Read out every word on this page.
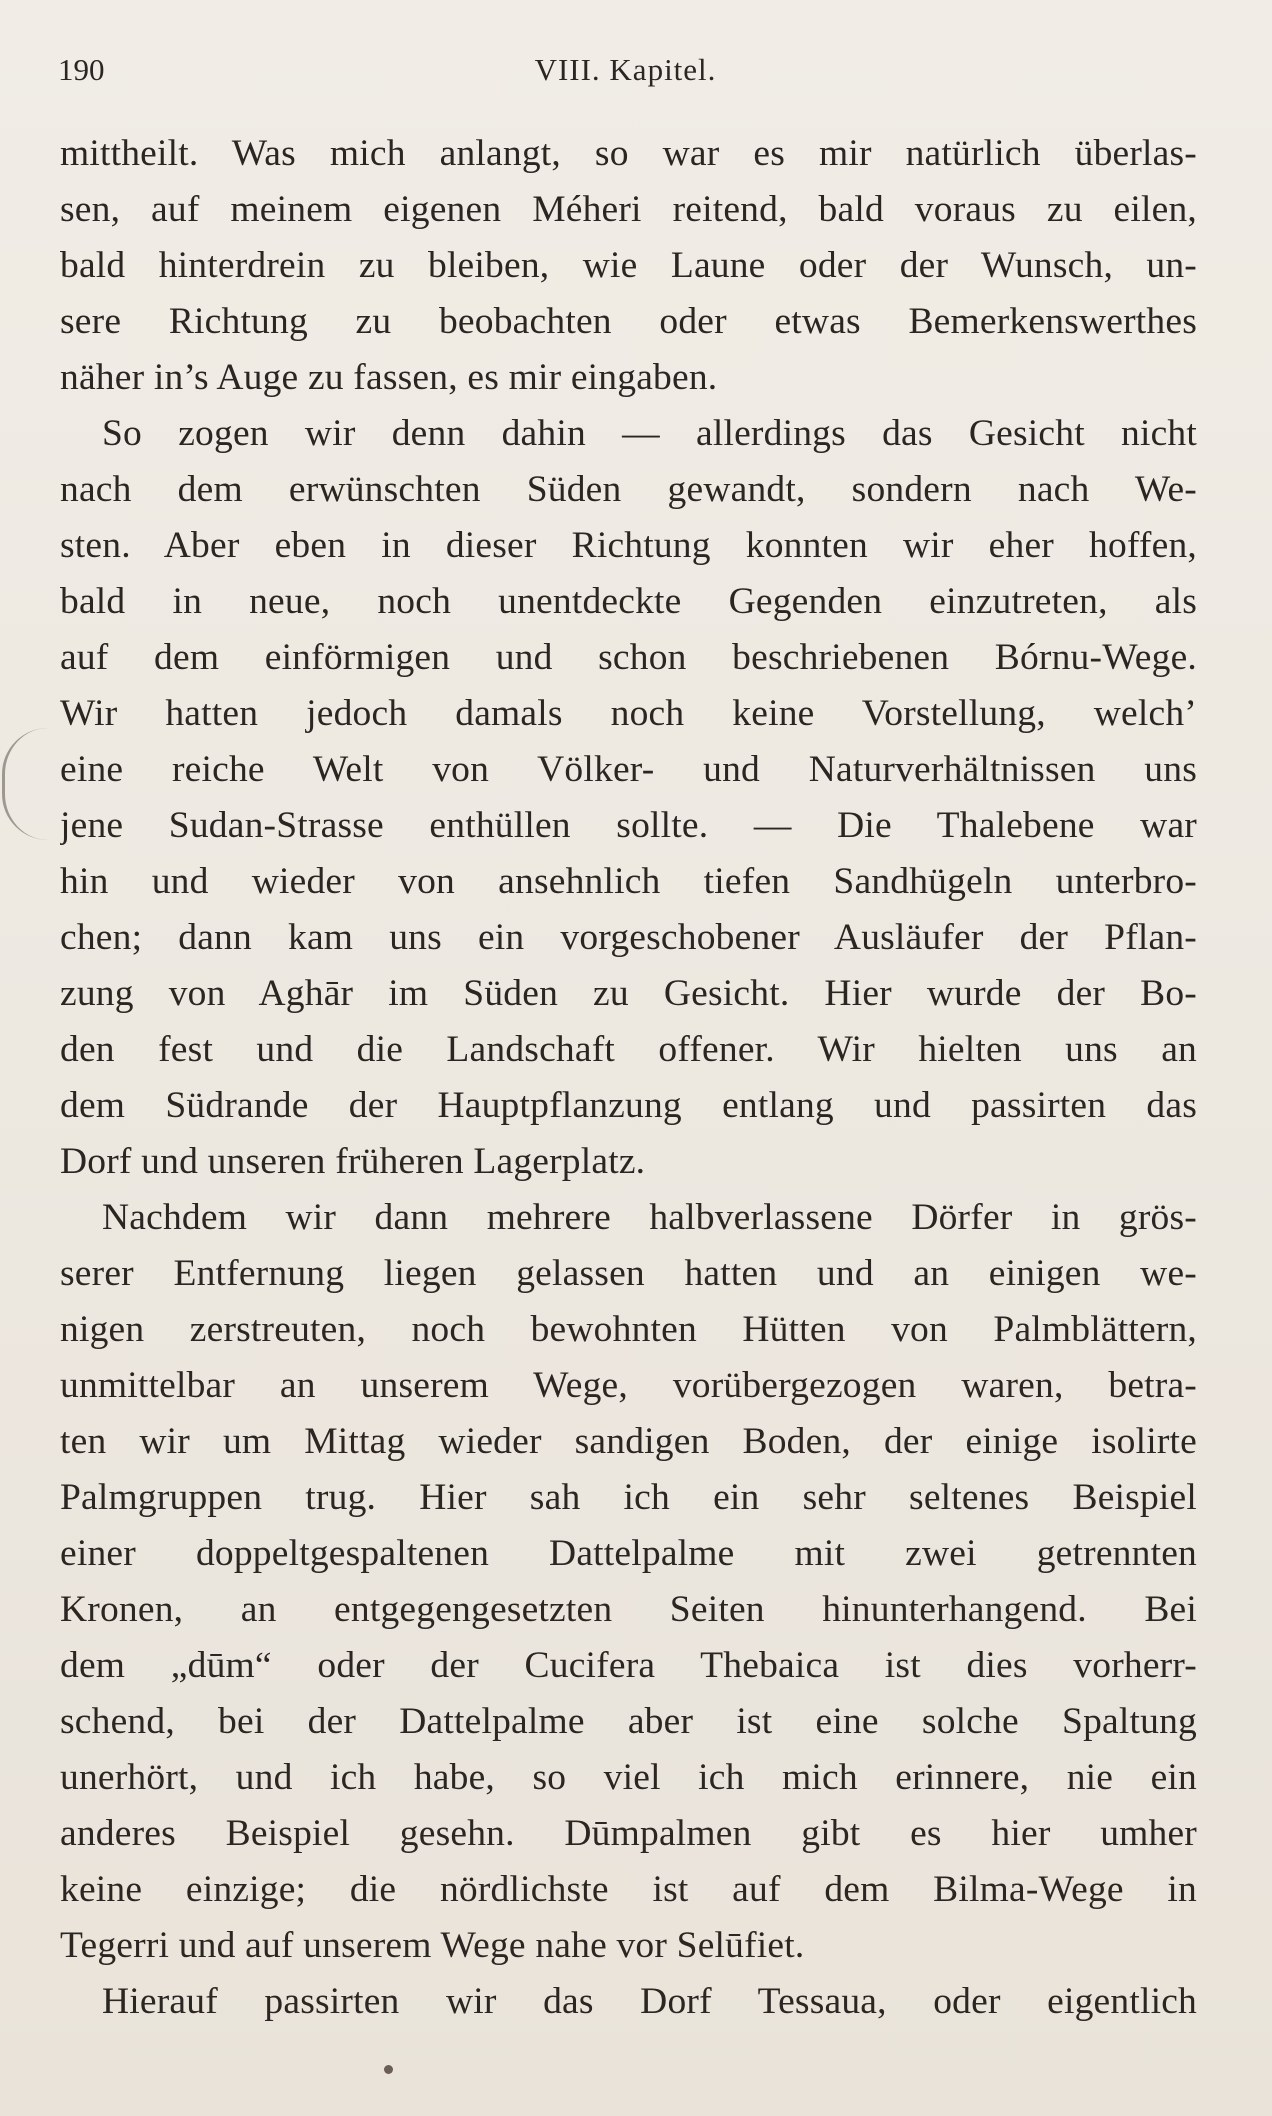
190	VIII. Kapitel.
mittheilt. Was mich anlangt, so war es mir natürlich überlas-
sen, auf meinem eigenen Méheri reitend, bald voraus zu eilen,
bald hinterdrein zu bleiben, wie Laune oder der Wunsch, un-
sere Richtung zu beobachten oder etwas Bemerkenswerthes
näher in’s Auge zu fassen, es mir eingaben.
So zogen wir denn dahin — allerdings das Gesicht nicht
nach dem erwünschten Süden gewandt, sondern nach We-
sten. Aber eben in dieser Richtung konnten wir eher hoffen,
bald in neue, noch unentdeckte Gegenden einzutreten, als
auf dem einförmigen und schon beschriebenen Bórnu-Wege.
Wir hatten jedoch damals noch keine Vorstellung, welch’
eine reiche Welt von Völker- und Naturverhältnissen uns
jene Sudan-Strasse enthüllen sollte. — Die Thalebene war
hin und wieder von ansehnlich tiefen Sandhügeln unterbro-
chen; dann kam uns ein vorgeschobener Ausläufer der Pflan-
zung von Aghār im Süden zu Gesicht. Hier wurde der Bo-
den fest und die Landschaft offener. Wir hielten uns an
dem Südrande der Hauptpflanzung entlang und passirten das
Dorf und unseren früheren Lagerplatz.
Nachdem wir dann mehrere halbverlassene Dörfer in grös-
serer Entfernung liegen gelassen hatten und an einigen we-
nigen zerstreuten, noch bewohnten Hütten von Palmblättern,
unmittelbar an unserem Wege, vorübergezogen waren, betra-
ten wir um Mittag wieder sandigen Boden, der einige isolirte
Palmgruppen trug. Hier sah ich ein sehr seltenes Beispiel
einer doppeltgespaltenen Dattelpalme mit zwei getrennten
Kronen, an entgegengesetzten Seiten hinunterhangend. Bei
dem „dūm“ oder der Cucifera Thebaica ist dies vorherr-
schend, bei der Dattelpalme aber ist eine solche Spaltung
unerhört, und ich habe, so viel ich mich erinnere, nie ein
anderes Beispiel gesehn. Dūmpalmen gibt es hier umher
keine einzige; die nördlichste ist auf dem Bilma-Wege in
Tegerri und auf unserem Wege nahe vor Selūfiet.
Hierauf passirten wir das Dorf Tessaua, oder eigentlich
